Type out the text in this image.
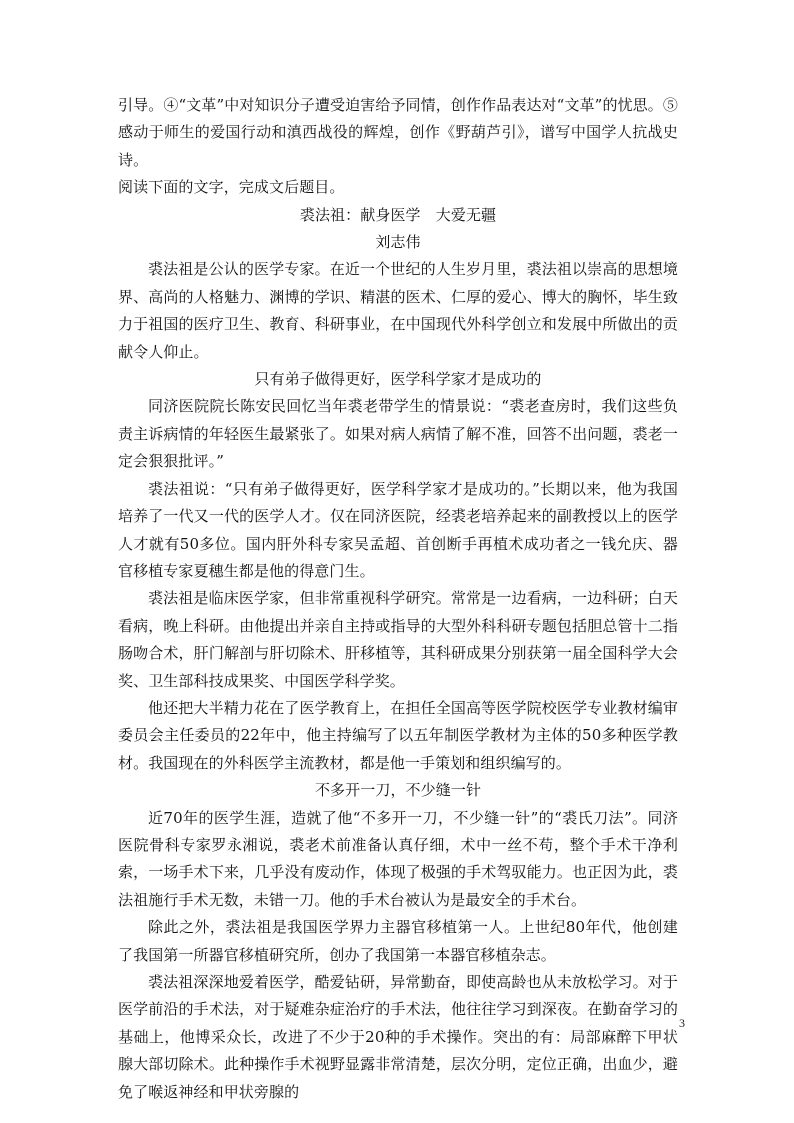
引导。④“文革”中对知识分子遭受迫害给予同情，创作作品表达对“文革”的忧思。⑤感动于师生的爱国行动和滇西战役的辉煌，创作《野葫芦引》，谱写中国学人抗战史诗。

阅读下面的文字，完成文后题目。

裘法祖：献身医学　大爱无疆

刘志伟

裘法祖是公认的医学专家。在近一个世纪的人生岁月里，裘法祖以崇高的思想境界、高尚的人格魅力、渊博的学识、精湛的医术、仁厚的爱心、博大的胸怀，毕生致力于祖国的医疗卫生、教育、科研事业，在中国现代外科学创立和发展中所做出的贡献令人仰止。

只有弟子做得更好，医学科学家才是成功的

同济医院院长陈安民回忆当年裘老带学生的情景说：“裘老查房时，我们这些负责主诉病情的年轻医生最紧张了。如果对病人病情了解不准，回答不出问题，裘老一定会狠狠批评。”

裘法祖说：“只有弟子做得更好，医学科学家才是成功的。”长期以来，他为我国培养了一代又一代的医学人才。仅在同济医院，经裘老培养起来的副教授以上的医学人才就有50多位。国内肝外科专家吴孟超、首创断手再植术成功者之一钱允庆、器官移植专家夏穗生都是他的得意门生。

裘法祖是临床医学家，但非常重视科学研究。常常是一边看病，一边科研；白天看病，晚上科研。由他提出并亲自主持或指导的大型外科科研专题包括胆总管十二指肠吻合术，肝门解剖与肝切除术、肝移植等，其科研成果分别获第一届全国科学大会奖、卫生部科技成果奖、中国医学科学奖。

他还把大半精力花在了医学教育上，在担任全国高等医学院校医学专业教材编审委员会主任委员的22年中，他主持编写了以五年制医学教材为主体的50多种医学教材。我国现在的外科医学主流教材，都是他一手策划和组织编写的。

不多开一刀，不少缝一针

近70年的医学生涯，造就了他“不多开一刀，不少缝一针”的“裘氏刀法”。同济医院骨科专家罗永湘说，裘老术前准备认真仔细，术中一丝不苟，整个手术干净利索，一场手术下来，几乎没有废动作，体现了极强的手术驾驭能力。也正因为此，裘法祖施行手术无数，未错一刀。他的手术台被认为是最安全的手术台。

除此之外，裘法祖是我国医学界力主器官移植第一人。上世纪80年代，他创建了我国第一所器官移植研究所，创办了我国第一本器官移植杂志。

裘法祖深深地爱着医学，酷爱钻研，异常勤奋，即使高龄也从未放松学习。对于医学前沿的手术法，对于疑难杂症治疗的手术法，他往往学习到深夜。在勤奋学习的基础上，他博采众长，改进了不少于20种的手术操作。突出的有：局部麻醉下甲状腺大部切除术。此种操作手术视野显露非常清楚，层次分明，定位正确，出血少，避免了喉返神经和甲状旁腺的

3
